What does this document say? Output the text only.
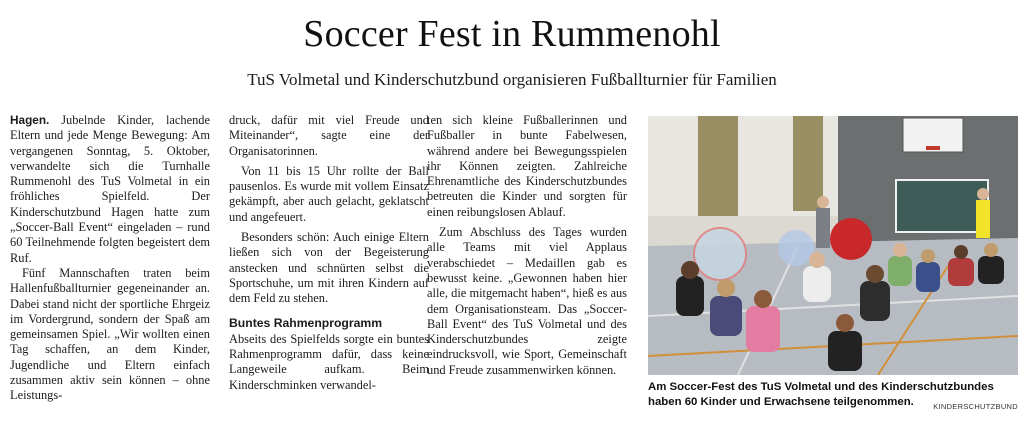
Soccer Fest in Rummenohl
TuS Volmetal und Kinderschutzbund organisieren Fußballturnier für Familien

Hagen. Jubelnde Kinder, lachende Eltern und jede Menge Bewegung: Am vergangenen Sonntag, 5. Oktober, verwandelte sich die Turnhalle Rummenohl des TuS Volmetal in ein fröhliches Spielfeld. Der Kinderschutzbund Hagen hatte zum „Soccer-Ball Event“ eingeladen – rund 60 Teilnehmende folgten begeistert dem Ruf.

Fünf Mannschaften traten beim Hallenfußballturnier gegeneinander an. Dabei stand nicht der sportliche Ehrgeiz im Vordergrund, sondern der Spaß am gemeinsamen Spiel. „Wir wollten einen Tag schaffen, an dem Kinder, Jugendliche und Eltern einfach zusammen aktiv sein können – ohne Leistungs-

druck, dafür mit viel Freude und Miteinander“, sagte eine der Organisatorinnen.

Von 11 bis 15 Uhr rollte der Ball pausenlos. Es wurde mit vollem Einsatz gekämpft, aber auch gelacht, geklatscht und angefeuert.

Besonders schön: Auch einige Eltern ließen sich von der Begeisterung anstecken und schnürten selbst die Sportschuhe, um mit ihren Kindern auf dem Feld zu stehen.

Buntes Rahmenprogramm

Abseits des Spielfelds sorgte ein buntes Rahmenprogramm dafür, dass keine Langeweile aufkam. Beim Kinderschminken verwandel-

ten sich kleine Fußballerinnen und Fußballer in bunte Fabelwesen, während andere bei Bewegungsspielen ihr Können zeigten. Zahlreiche Ehrenamtliche des Kinderschutzbundes betreuten die Kinder und sorgten für einen reibungslosen Ablauf.

Zum Abschluss des Tages wurden alle Teams mit viel Applaus verabschiedet – Medaillen gab es bewusst keine. „Gewonnen haben hier alle, die mitgemacht haben“, hieß es aus dem Organisationsteam. Das „Soccer-Ball Event“ des TuS Volmetal und des Kinderschutzbundes zeigte eindrucksvoll, wie Sport, Gemeinschaft und Freude zusammenwirken können.

Am Soccer-Fest des TuS Volmetal und des Kinderschutzbundes haben 60 Kinder und Erwachsene teilgenommen.	KINDERSCHUTZBUND
